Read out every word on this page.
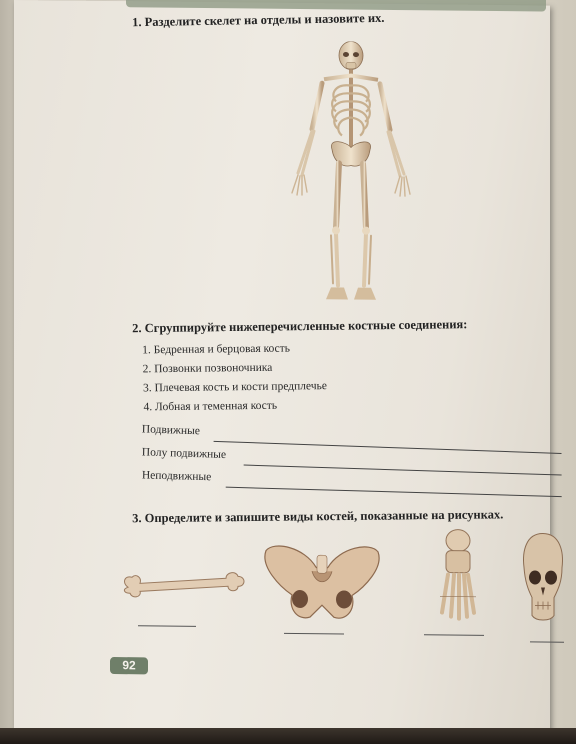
1. Разделите скелет на отделы и назовите их.
2. Сгруппируйте нижеперечисленные костные соединения:
1. Бедренная и берцовая кость
2. Позвонки позвоночника
3. Плечевая кость и кости предплечье
4. Лобная и теменная кость
Подвижные
Полу подвижные
Неподвижные
3. Определите и запишите виды костей, показанные на рисунках.
92
